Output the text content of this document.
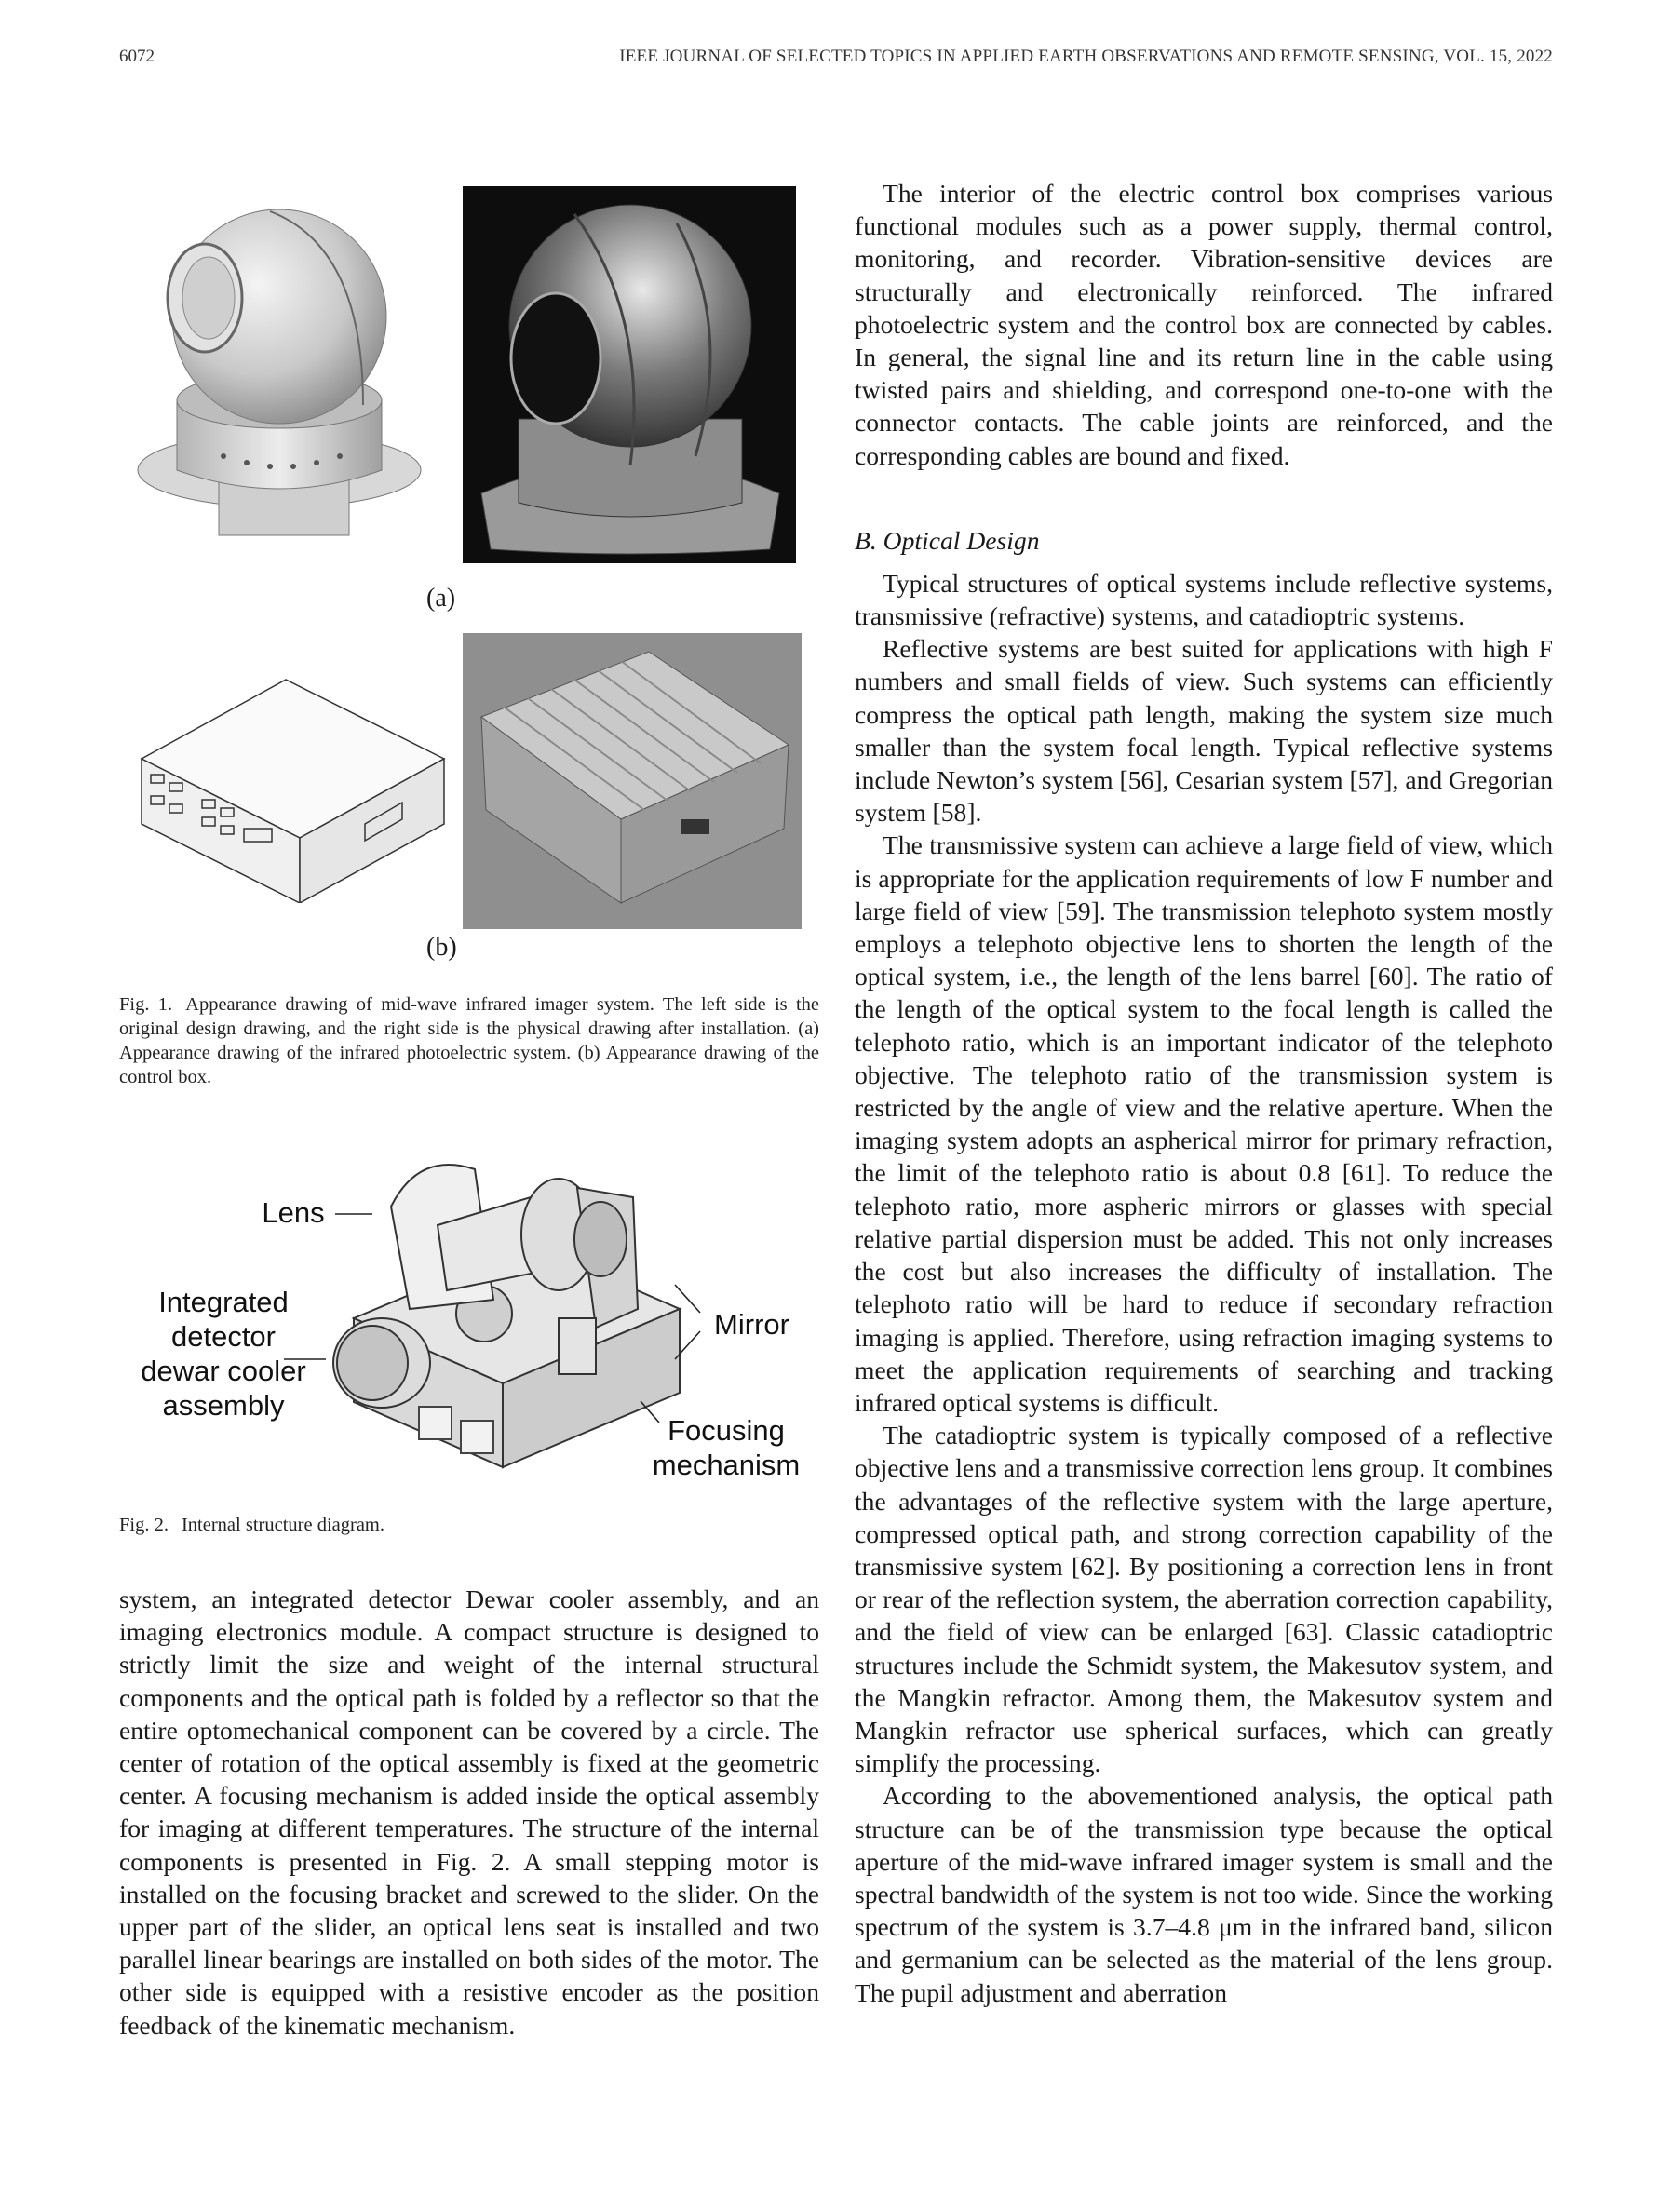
6072	IEEE JOURNAL OF SELECTED TOPICS IN APPLIED EARTH OBSERVATIONS AND REMOTE SENSING, VOL. 15, 2022
(a)
(b)
Fig. 1. Appearance drawing of mid-wave infrared imager system. The left side is the original design drawing, and the right side is the physical drawing after installation. (a) Appearance drawing of the infrared photoelectric system. (b) Appearance drawing of the control box.
Lens
Integrated
detector
dewar cooler
assembly
Mirror
Focusing
mechanism
Fig. 2. Internal structure diagram.

system, an integrated detector Dewar cooler assembly, and an imaging electronics module. A compact structure is designed to strictly limit the size and weight of the internal structural components and the optical path is folded by a reflector so that the entire optomechanical component can be covered by a circle. The center of rotation of the optical assembly is fixed at the geometric center. A focusing mechanism is added inside the optical assembly for imaging at different temperatures. The structure of the internal components is presented in Fig. 2. A small stepping motor is installed on the focusing bracket and screwed to the slider. On the upper part of the slider, an optical lens seat is installed and two parallel linear bearings are installed on both sides of the motor. The other side is equipped with a resistive encoder as the position feedback of the kinematic mechanism.

The interior of the electric control box comprises various functional modules such as a power supply, thermal control, monitoring, and recorder. Vibration-sensitive devices are structurally and electronically reinforced. The infrared photoelectric system and the control box are connected by cables. In general, the signal line and its return line in the cable using twisted pairs and shielding, and correspond one-to-one with the connector contacts. The cable joints are reinforced, and the corresponding cables are bound and fixed.

B. Optical Design

Typical structures of optical systems include reflective systems, transmissive (refractive) systems, and catadioptric systems.

Reflective systems are best suited for applications with high F numbers and small fields of view. Such systems can efficiently compress the optical path length, making the system size much smaller than the system focal length. Typical reflective systems include Newton’s system [56], Cesarian system [57], and Gregorian system [58].

The transmissive system can achieve a large field of view, which is appropriate for the application requirements of low F number and large field of view [59]. The transmission telephoto system mostly employs a telephoto objective lens to shorten the length of the optical system, i.e., the length of the lens barrel [60]. The ratio of the length of the optical system to the focal length is called the telephoto ratio, which is an important indicator of the telephoto objective. The telephoto ratio of the transmission system is restricted by the angle of view and the relative aperture. When the imaging system adopts an aspherical mirror for primary refraction, the limit of the telephoto ratio is about 0.8 [61]. To reduce the telephoto ratio, more aspheric mirrors or glasses with special relative partial dispersion must be added. This not only increases the cost but also increases the difficulty of installation. The telephoto ratio will be hard to reduce if secondary refraction imaging is applied. Therefore, using refraction imaging systems to meet the application requirements of searching and tracking infrared optical systems is difficult.

The catadioptric system is typically composed of a reflective objective lens and a transmissive correction lens group. It combines the advantages of the reflective system with the large aperture, compressed optical path, and strong correction capability of the transmissive system [62]. By positioning a correction lens in front or rear of the reflection system, the aberration correction capability, and the field of view can be enlarged [63]. Classic catadioptric structures include the Schmidt system, the Makesutov system, and the Mangkin refractor. Among them, the Makesutov system and Mangkin refractor use spherical surfaces, which can greatly simplify the processing.

According to the abovementioned analysis, the optical path structure can be of the transmission type because the optical aperture of the mid-wave infrared imager system is small and the spectral bandwidth of the system is not too wide. Since the working spectrum of the system is 3.7–4.8 μm in the infrared band, silicon and germanium can be selected as the material of the lens group. The pupil adjustment and aberration
